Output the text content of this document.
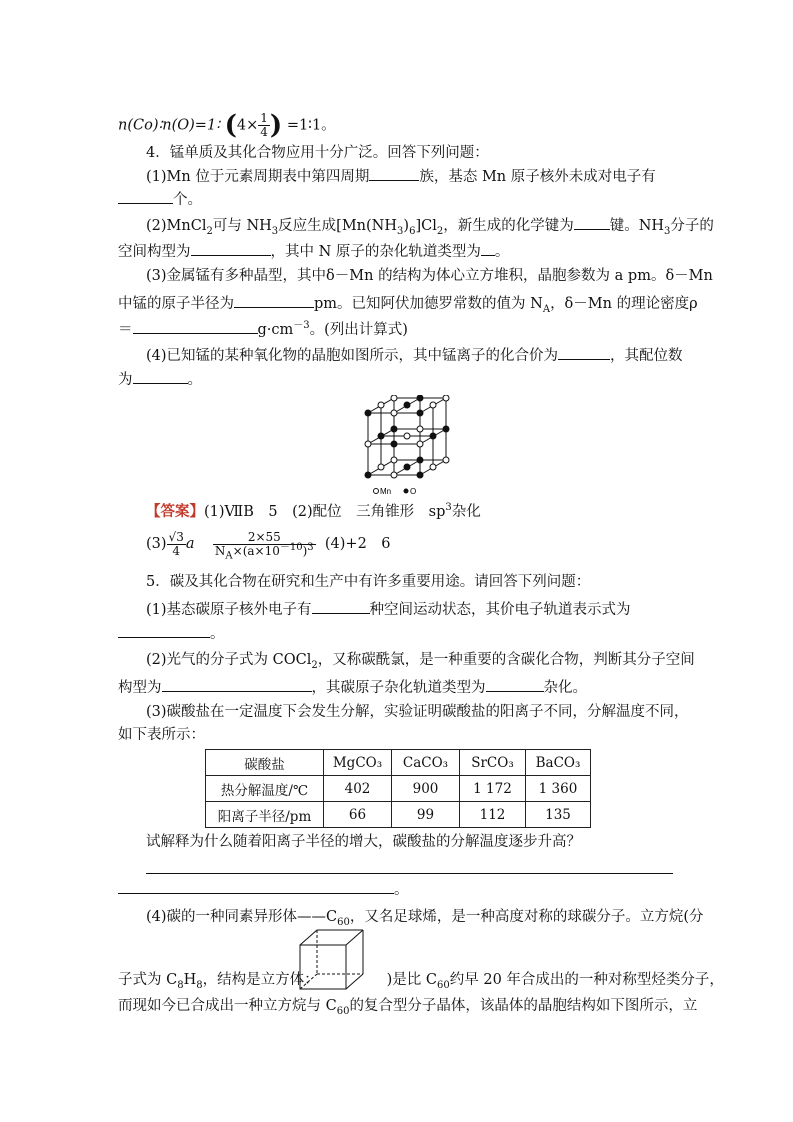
n(Co)∶n(O)=1∶ ($4\times \frac{1}{4}$ ) =1∶1。
4．锰单质及其化合物应用十分广泛。回答下列问题：
(1)Mn 位于元素周期表中第四周期	族，基态 Mn 原子核外未成对电子有
个。
(2)MnCl$_2$可与 $NH_3$反应生成$[Mn(NH_3)_6]Cl_2$，新生成的化学键为 键。$NH_3$分子的
空间构型为	，其中 N 原子的杂化轨道类型为 。
(3)金属锰有多种晶型，其中δ－Mn 的结构为体心立方堆积，晶胞参数为 a pm。δ－Mn
中锰的原子半径为	pm。已知阿伏加德罗常数的值为 $N_A$，δ－Mn 的理论密度ρ
＝	$g\cdot cm^{-3}$。(列出计算式)
(4)已知锰的某种氧化物的晶胞如图所示，其中锰离子的化合价为	，其配位数
为	。
Mn O
【答案】(1)ⅦB　5　(2)配位　三角锥形　$sp^3$杂化
$(3) \frac{√3}{4}$ a $\frac{2\times 55}{N_A\times(a\times 10^{-10})^3} (4)+2$　6
5．碳及其化合物在研究和生产中有许多重要用途。请回答下列问题：
(1)基态碳原子核外电子有	种空间运动状态，其价电子轨道表示式为
。
(2)光气的分子式为 COCl$_2$，又称碳酰氯，是一种重要的含碳化合物，判断其分子空间
构型为	，其碳原子杂化轨道类型为	杂化。
(3)碳酸盐在一定温度下会发生分解，实验证明碳酸盐的阳离子不同，分解温度不同，
如下表所示：
碳酸盐	MgCO₃	CaCO₃	SrCO₃	BaCO₃
热分解温度/℃	402	900	1 172	1 360
阳离子半径/pm	66	99	112	135
试解释为什么随着阳离子半径的增大，碳酸盐的分解温度逐步升高？
。
(4)碳的一种同素异形体$——C_{60}$，又名足球烯，是一种高度对称的球碳分子。立方烷(分
子式为 $C_8H_8$，结构是立方体：	)是比 $C_{60}$约早 20 年合成出的一种对称型烃类分子，
而现如今已合成出一种立方烷与 $C_{60}$的复合型分子晶体，该晶体的晶胞结构如下图所示，立
